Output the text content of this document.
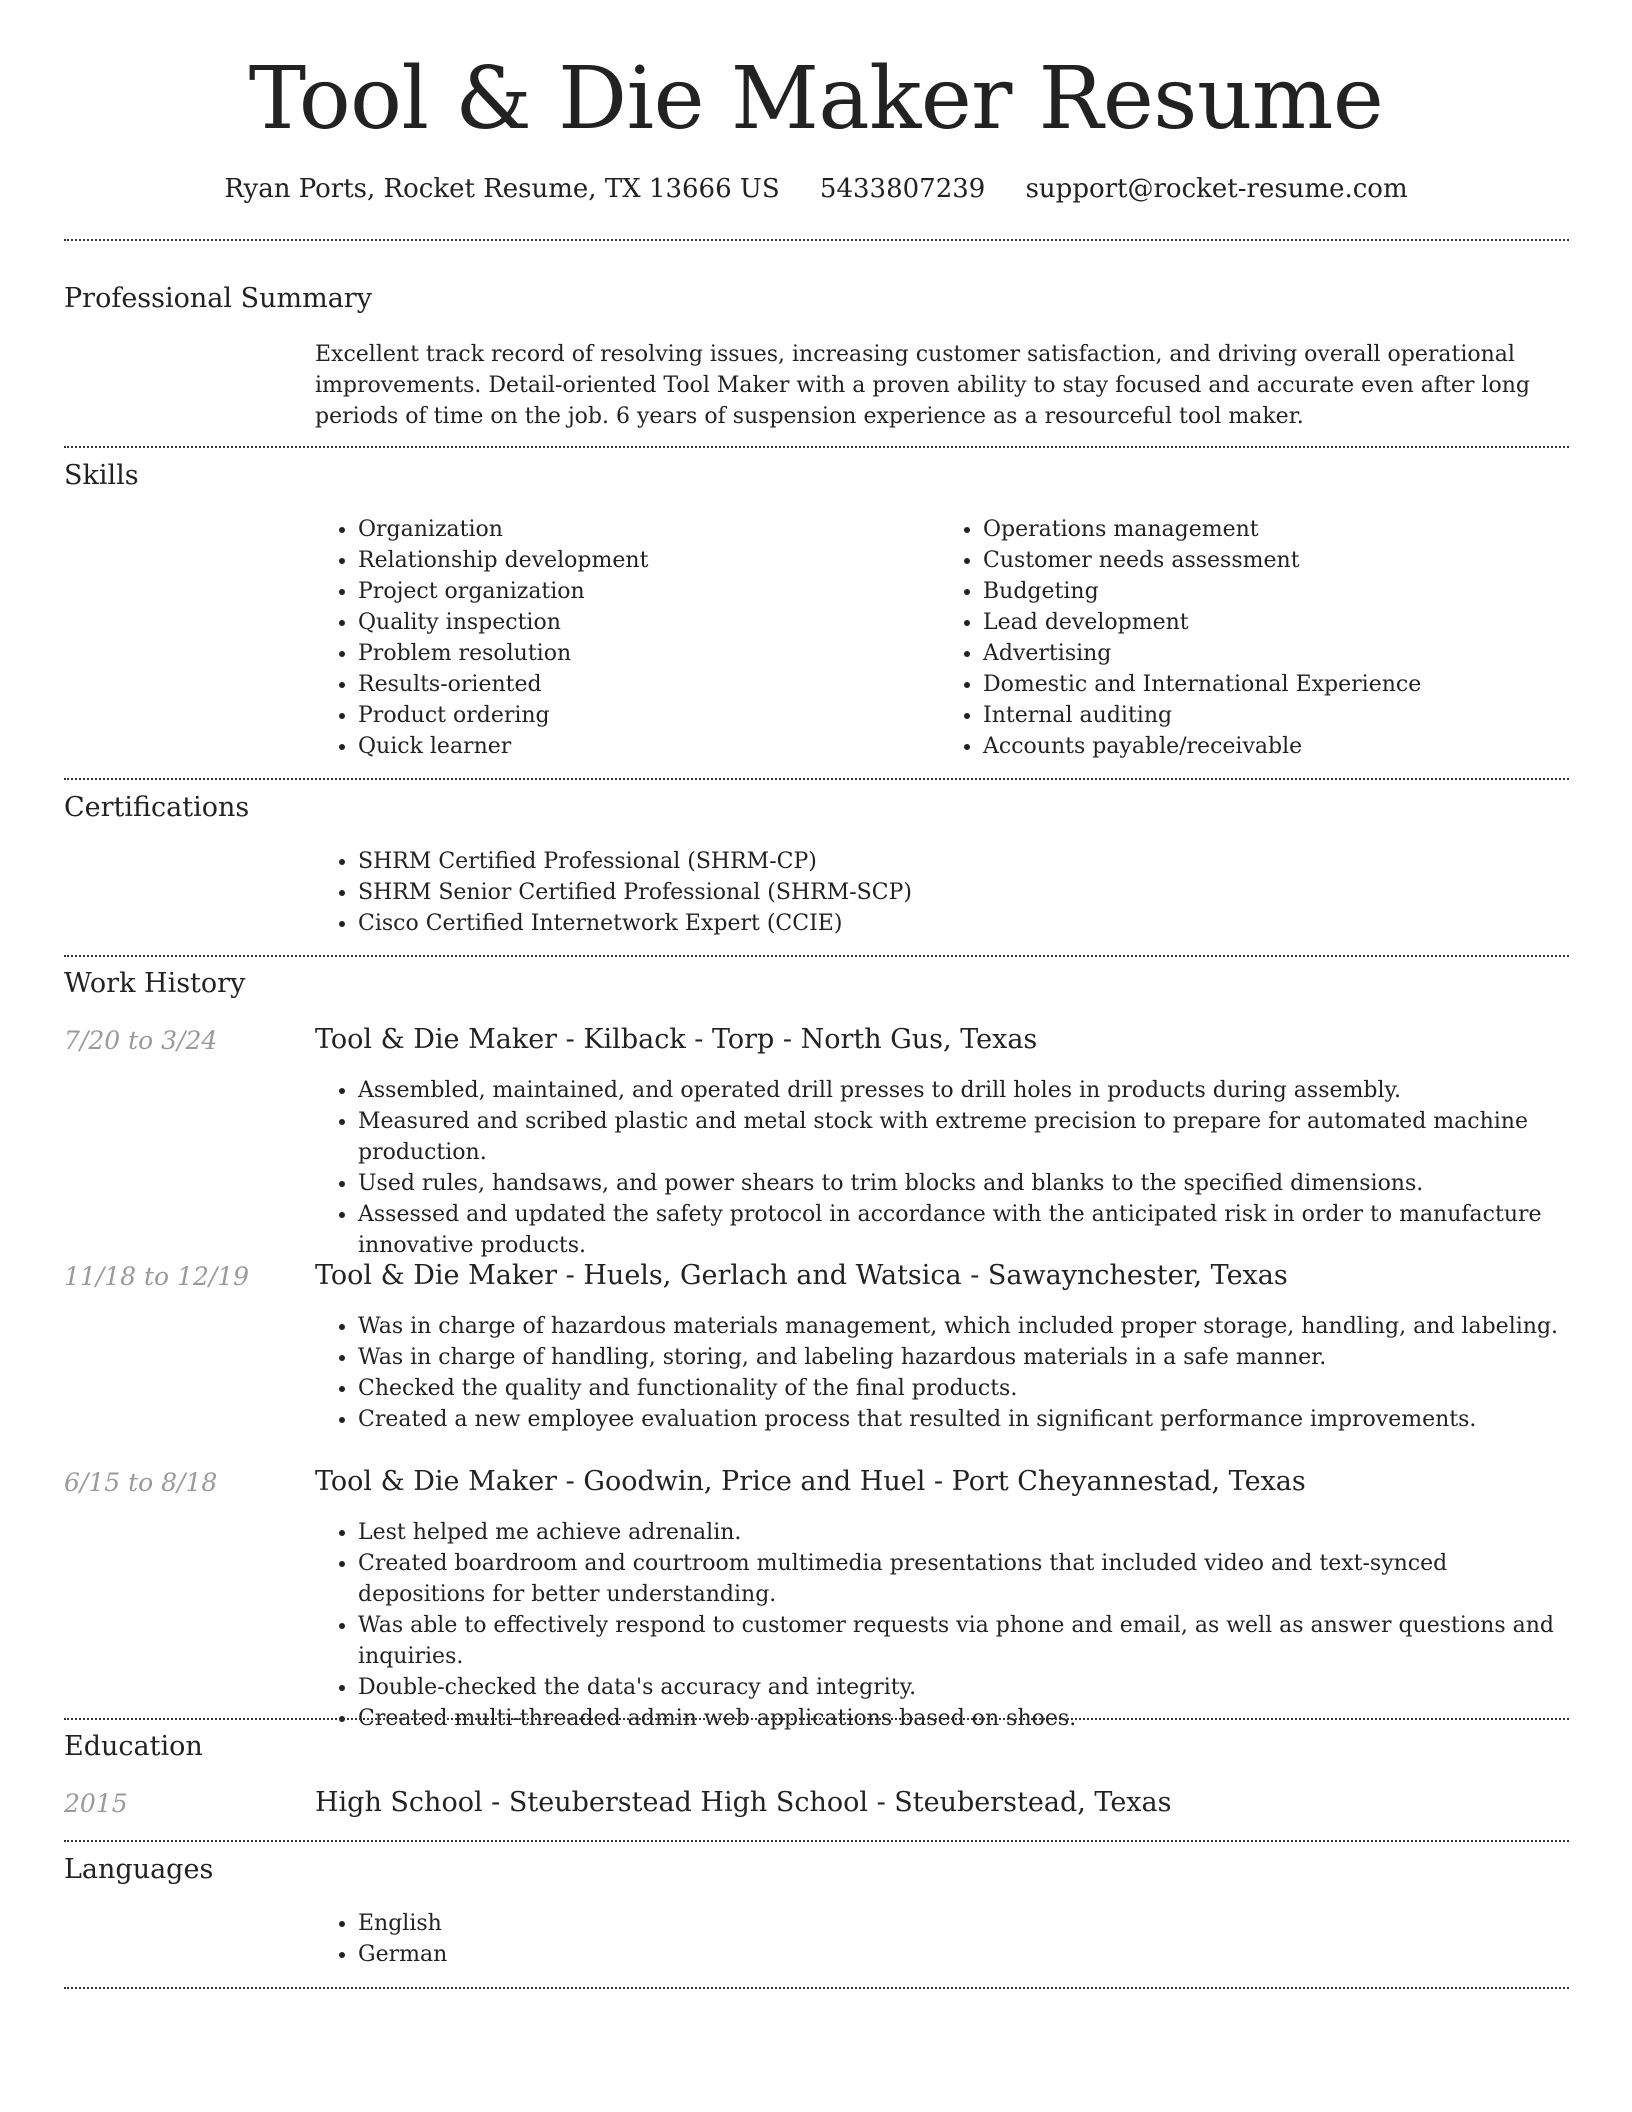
Tool & Die Maker Resume
Ryan Ports, Rocket Resume, TX 13666 US 5433807239 support@rocket-resume.com
Professional Summary

Excellent track record of resolving issues, increasing customer satisfaction, and driving overall operational improvements. Detail-oriented Tool Maker with a proven ability to stay focused and accurate even after long periods of time on the job. 6 years of suspension experience as a resourceful tool maker.

Skills
• Organization
• Relationship development
• Project organization
• Quality inspection
• Problem resolution
• Results-oriented
• Product ordering
• Quick learner
• Operations management
• Customer needs assessment
• Budgeting
• Lead development
• Advertising
• Domestic and International Experience
• Internal auditing
• Accounts payable/receivable
Certifications
• SHRM Certified Professional (SHRM-CP)
• SHRM Senior Certified Professional (SHRM-SCP)
• Cisco Certified Internetwork Expert (CCIE)
Work History
7/20 to 3/24	Tool & Die Maker - Kilback - Torp - North Gus, Texas
• Assembled, maintained, and operated drill presses to drill holes in products during assembly.
• Measured and scribed plastic and metal stock with extreme precision to prepare for automated machine production.
• Used rules, handsaws, and power shears to trim blocks and blanks to the specified dimensions.
• Assessed and updated the safety protocol in accordance with the anticipated risk in order to manufacture innovative products.
11/18 to 12/19 Tool & Die Maker - Huels, Gerlach and Watsica - Sawaynchester, Texas
• Was in charge of hazardous materials management, which included proper storage, handling, and labeling.
• Was in charge of handling, storing, and labeling hazardous materials in a safe manner.
• Checked the quality and functionality of the final products.
• Created a new employee evaluation process that resulted in significant performance improvements.
6/15 to 8/18	Tool & Die Maker - Goodwin, Price and Huel - Port Cheyannestad, Texas
• Lest helped me achieve adrenalin.
• Created boardroom and courtroom multimedia presentations that included video and text-synced depositions for better understanding.
• Was able to effectively respond to customer requests via phone and email, as well as answer questions and inquiries.
• Double-checked the data's accuracy and integrity.
• Created multi-threaded admin web applications based on shoes.
Education
2015	High School - Steuberstead High School - Steuberstead, Texas
Languages
• English
• German
